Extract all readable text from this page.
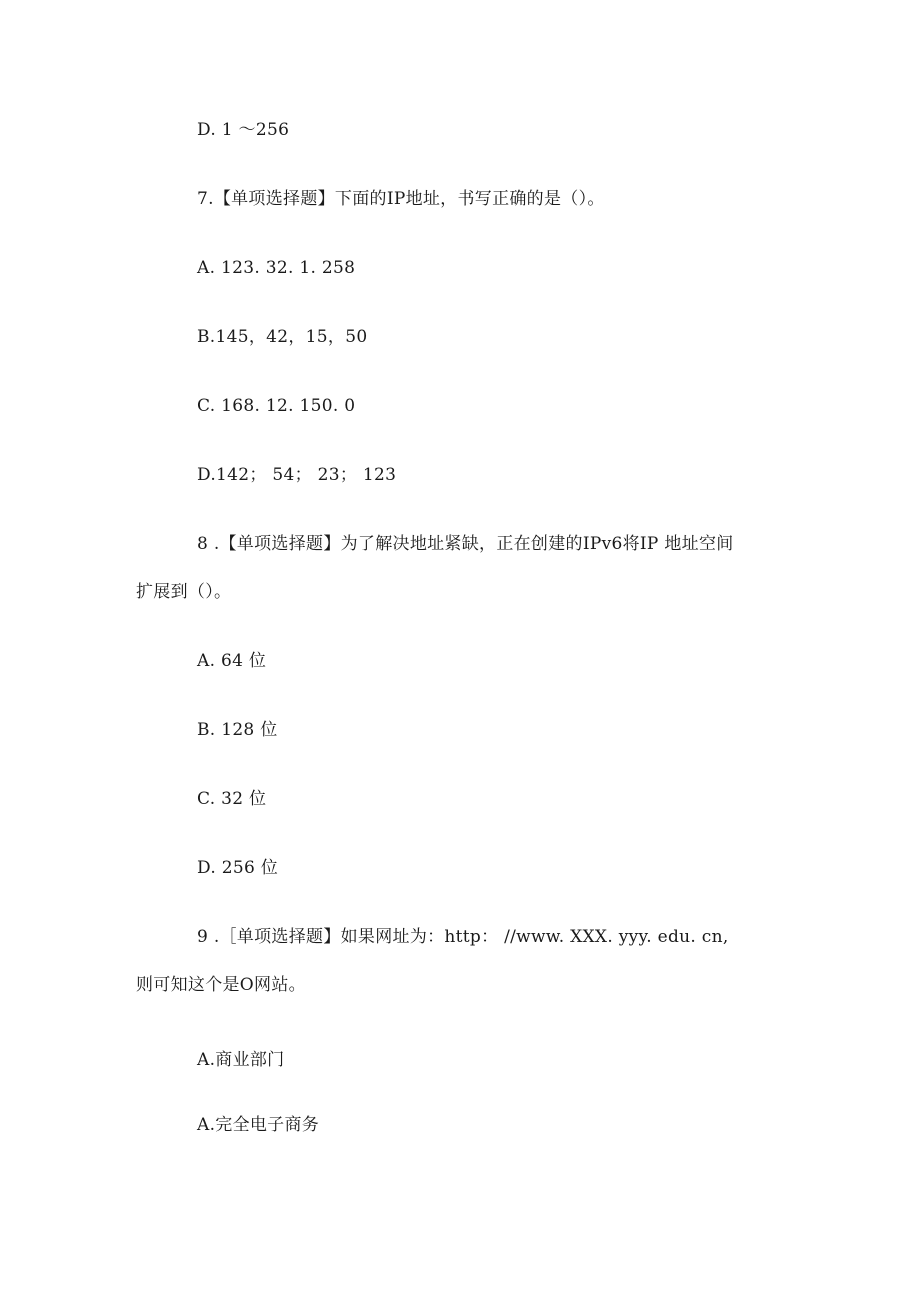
D. 1 ～256
7.【单项选择题】下面的IP地址，书写正确的是（）。
A. 123. 32. 1. 258
B.145，42，15，50
C. 168. 12. 150. 0
D.142； 54； 23； 123
8 .【单项选择题】为了解决地址紧缺，正在创建的IPv6将IP 地址空间
扩展到（）。
A. 64 位
B. 128 位
C. 32 位
D. 256 位
9 .［单项选择题】如果网址为：http： //www. XXX. yyy. edu. cn,
则可知这个是O网站。
A.商业部门
A.完全电子商务
